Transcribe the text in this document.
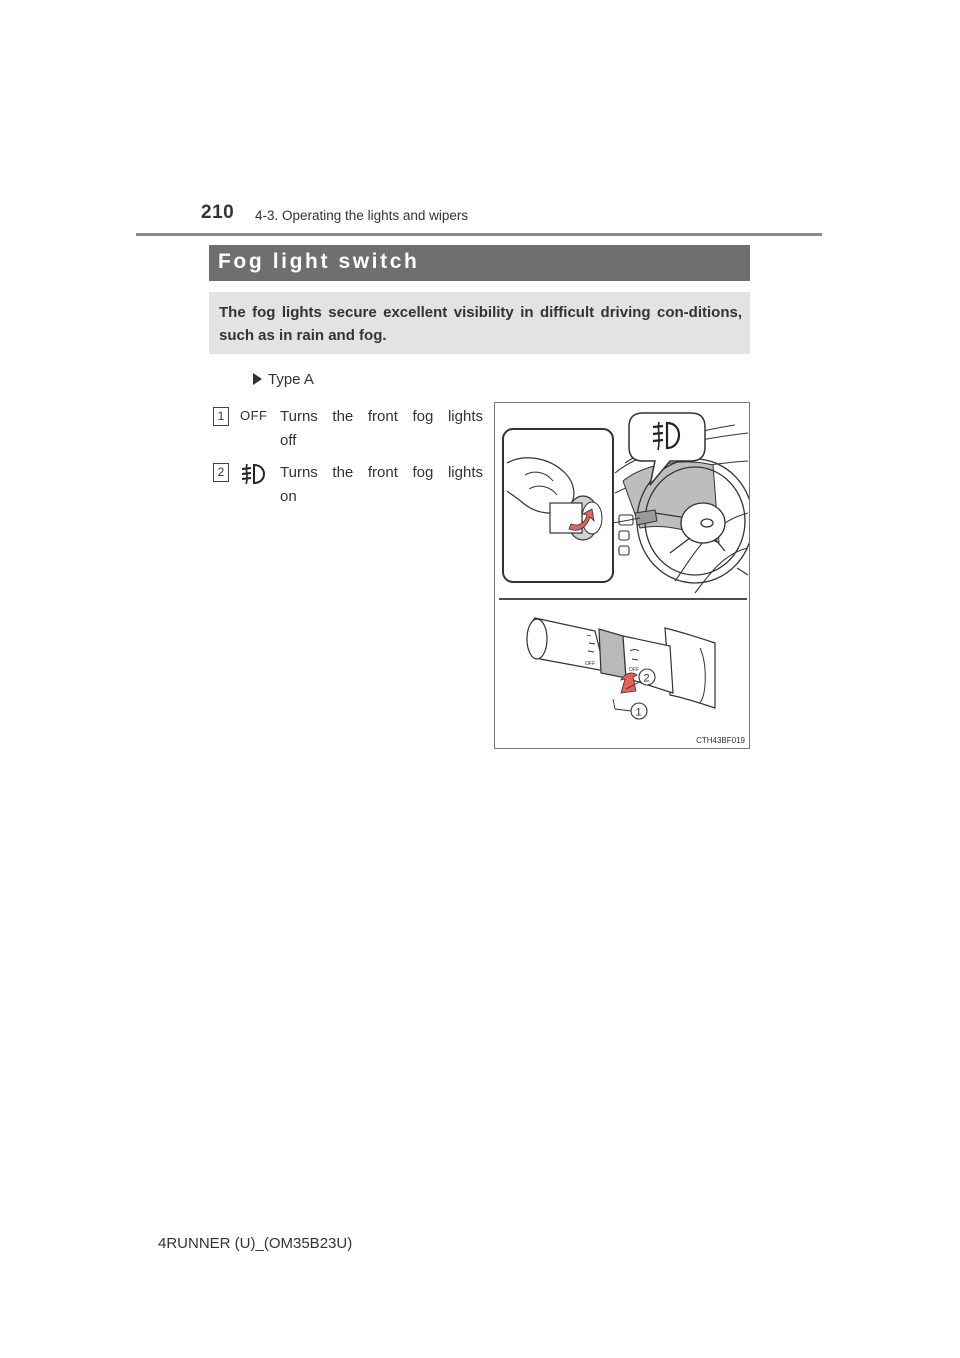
210 4-3. Operating the lights and wipers
Fog light switch
The fog lights secure excellent visibility in difficult driving con-ditions, such as in rain and fog.
Type A
1	OFF Turns the front fog lights
off
2	Turns the front fog lights
on
OFF
OFF
2
1
CTH43BF019
4RUNNER (U)_(OM35B23U)
